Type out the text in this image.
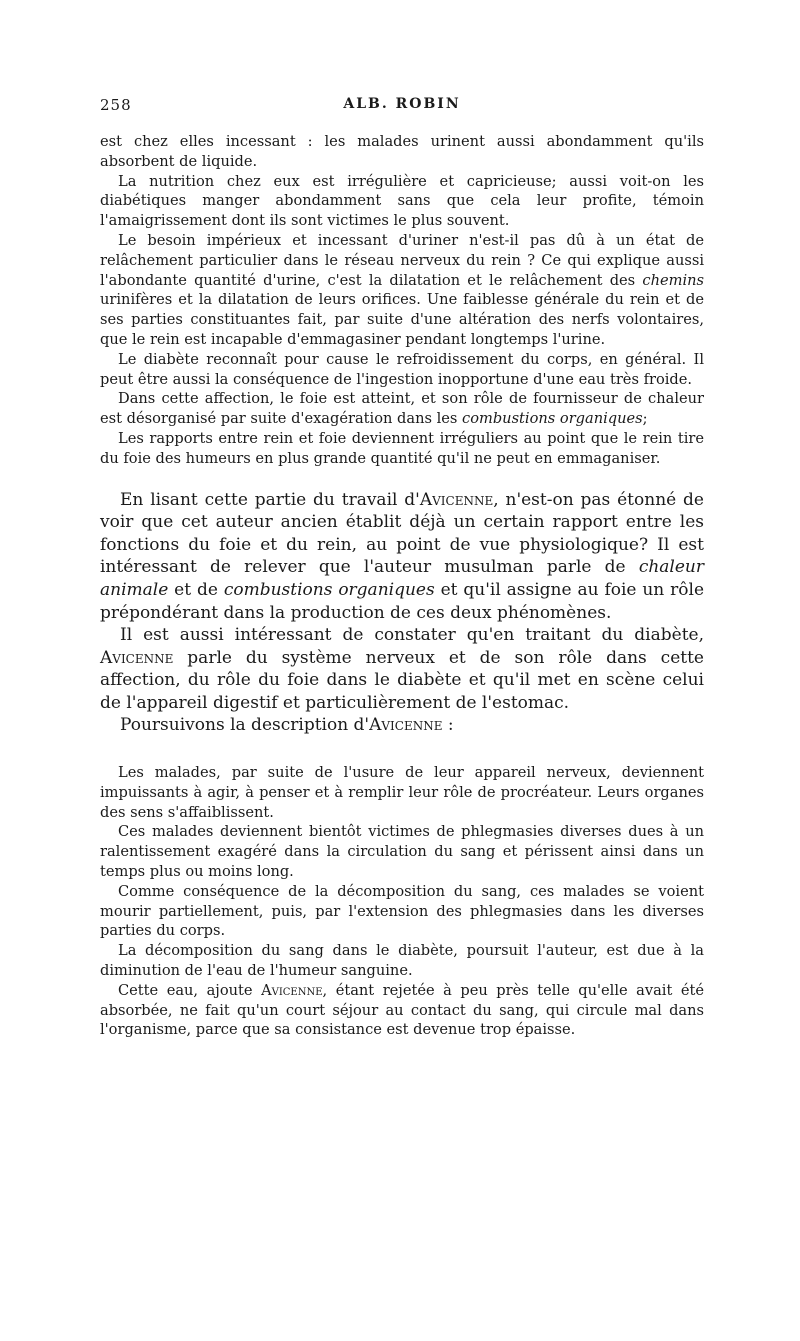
258	ALB. ROBIN

est chez elles incessant : les malades urinent aussi abondamment qu'ils absorbent de liquide.

La nutrition chez eux est irrégulière et capricieuse; aussi voit-on les diabétiques manger abondamment sans que cela leur profite, témoin l'amaigrissement dont ils sont victimes le plus souvent.

Le besoin impérieux et incessant d'uriner n'est-il pas dû à un état de relâchement particulier dans le réseau nerveux du rein ? Ce qui explique aussi l'abondante quantité d'urine, c'est la dilatation et le relâchement des chemins urinifères et la dilatation de leurs orifices. Une faiblesse générale du rein et de ses parties constituantes fait, par suite d'une altération des nerfs volontaires, que le rein est incapable d'emmagasiner pendant longtemps l'urine.

Le diabète reconnaît pour cause le refroidissement du corps, en général. Il peut être aussi la conséquence de l'ingestion inopportune d'une eau très froide.

Dans cette affection, le foie est atteint, et son rôle de fournisseur de chaleur est désorganisé par suite d'exagération dans les combustions organiques;

Les rapports entre rein et foie deviennent irréguliers au point que le rein tire du foie des humeurs en plus grande quantité qu'il ne peut en emmaganiser.

En lisant cette partie du travail d'Avicenne, n'est-on pas étonné de voir que cet auteur ancien établit déjà un certain rapport entre les fonctions du foie et du rein, au point de vue physiologique? Il est intéressant de relever que l'auteur musulman parle de chaleur animale et de combustions organiques et qu'il assigne au foie un rôle prépondérant dans la production de ces deux phénomènes.

Il est aussi intéressant de constater qu'en traitant du diabète, Avicenne parle du système nerveux et de son rôle dans cette affection, du rôle du foie dans le diabète et qu'il met en scène celui de l'appareil digestif et particulièrement de l'estomac.

Poursuivons la description d'Avicenne :

Les malades, par suite de l'usure de leur appareil nerveux, deviennent impuissants à agir, à penser et à remplir leur rôle de procréateur. Leurs organes des sens s'affaiblissent.

Ces malades deviennent bientôt victimes de phlegmasies diverses dues à un ralentissement exagéré dans la circulation du sang et périssent ainsi dans un temps plus ou moins long.

Comme conséquence de la décomposition du sang, ces malades se voient mourir partiellement, puis, par l'extension des phlegmasies dans les diverses parties du corps.

La décomposition du sang dans le diabète, poursuit l'auteur, est due à la diminution de l'eau de l'humeur sanguine.

Cette eau, ajoute Avicenne, étant rejetée à peu près telle qu'elle avait été absorbée, ne fait qu'un court séjour au contact du sang, qui circule mal dans l'organisme, parce que sa consistance est devenue trop épaisse.
